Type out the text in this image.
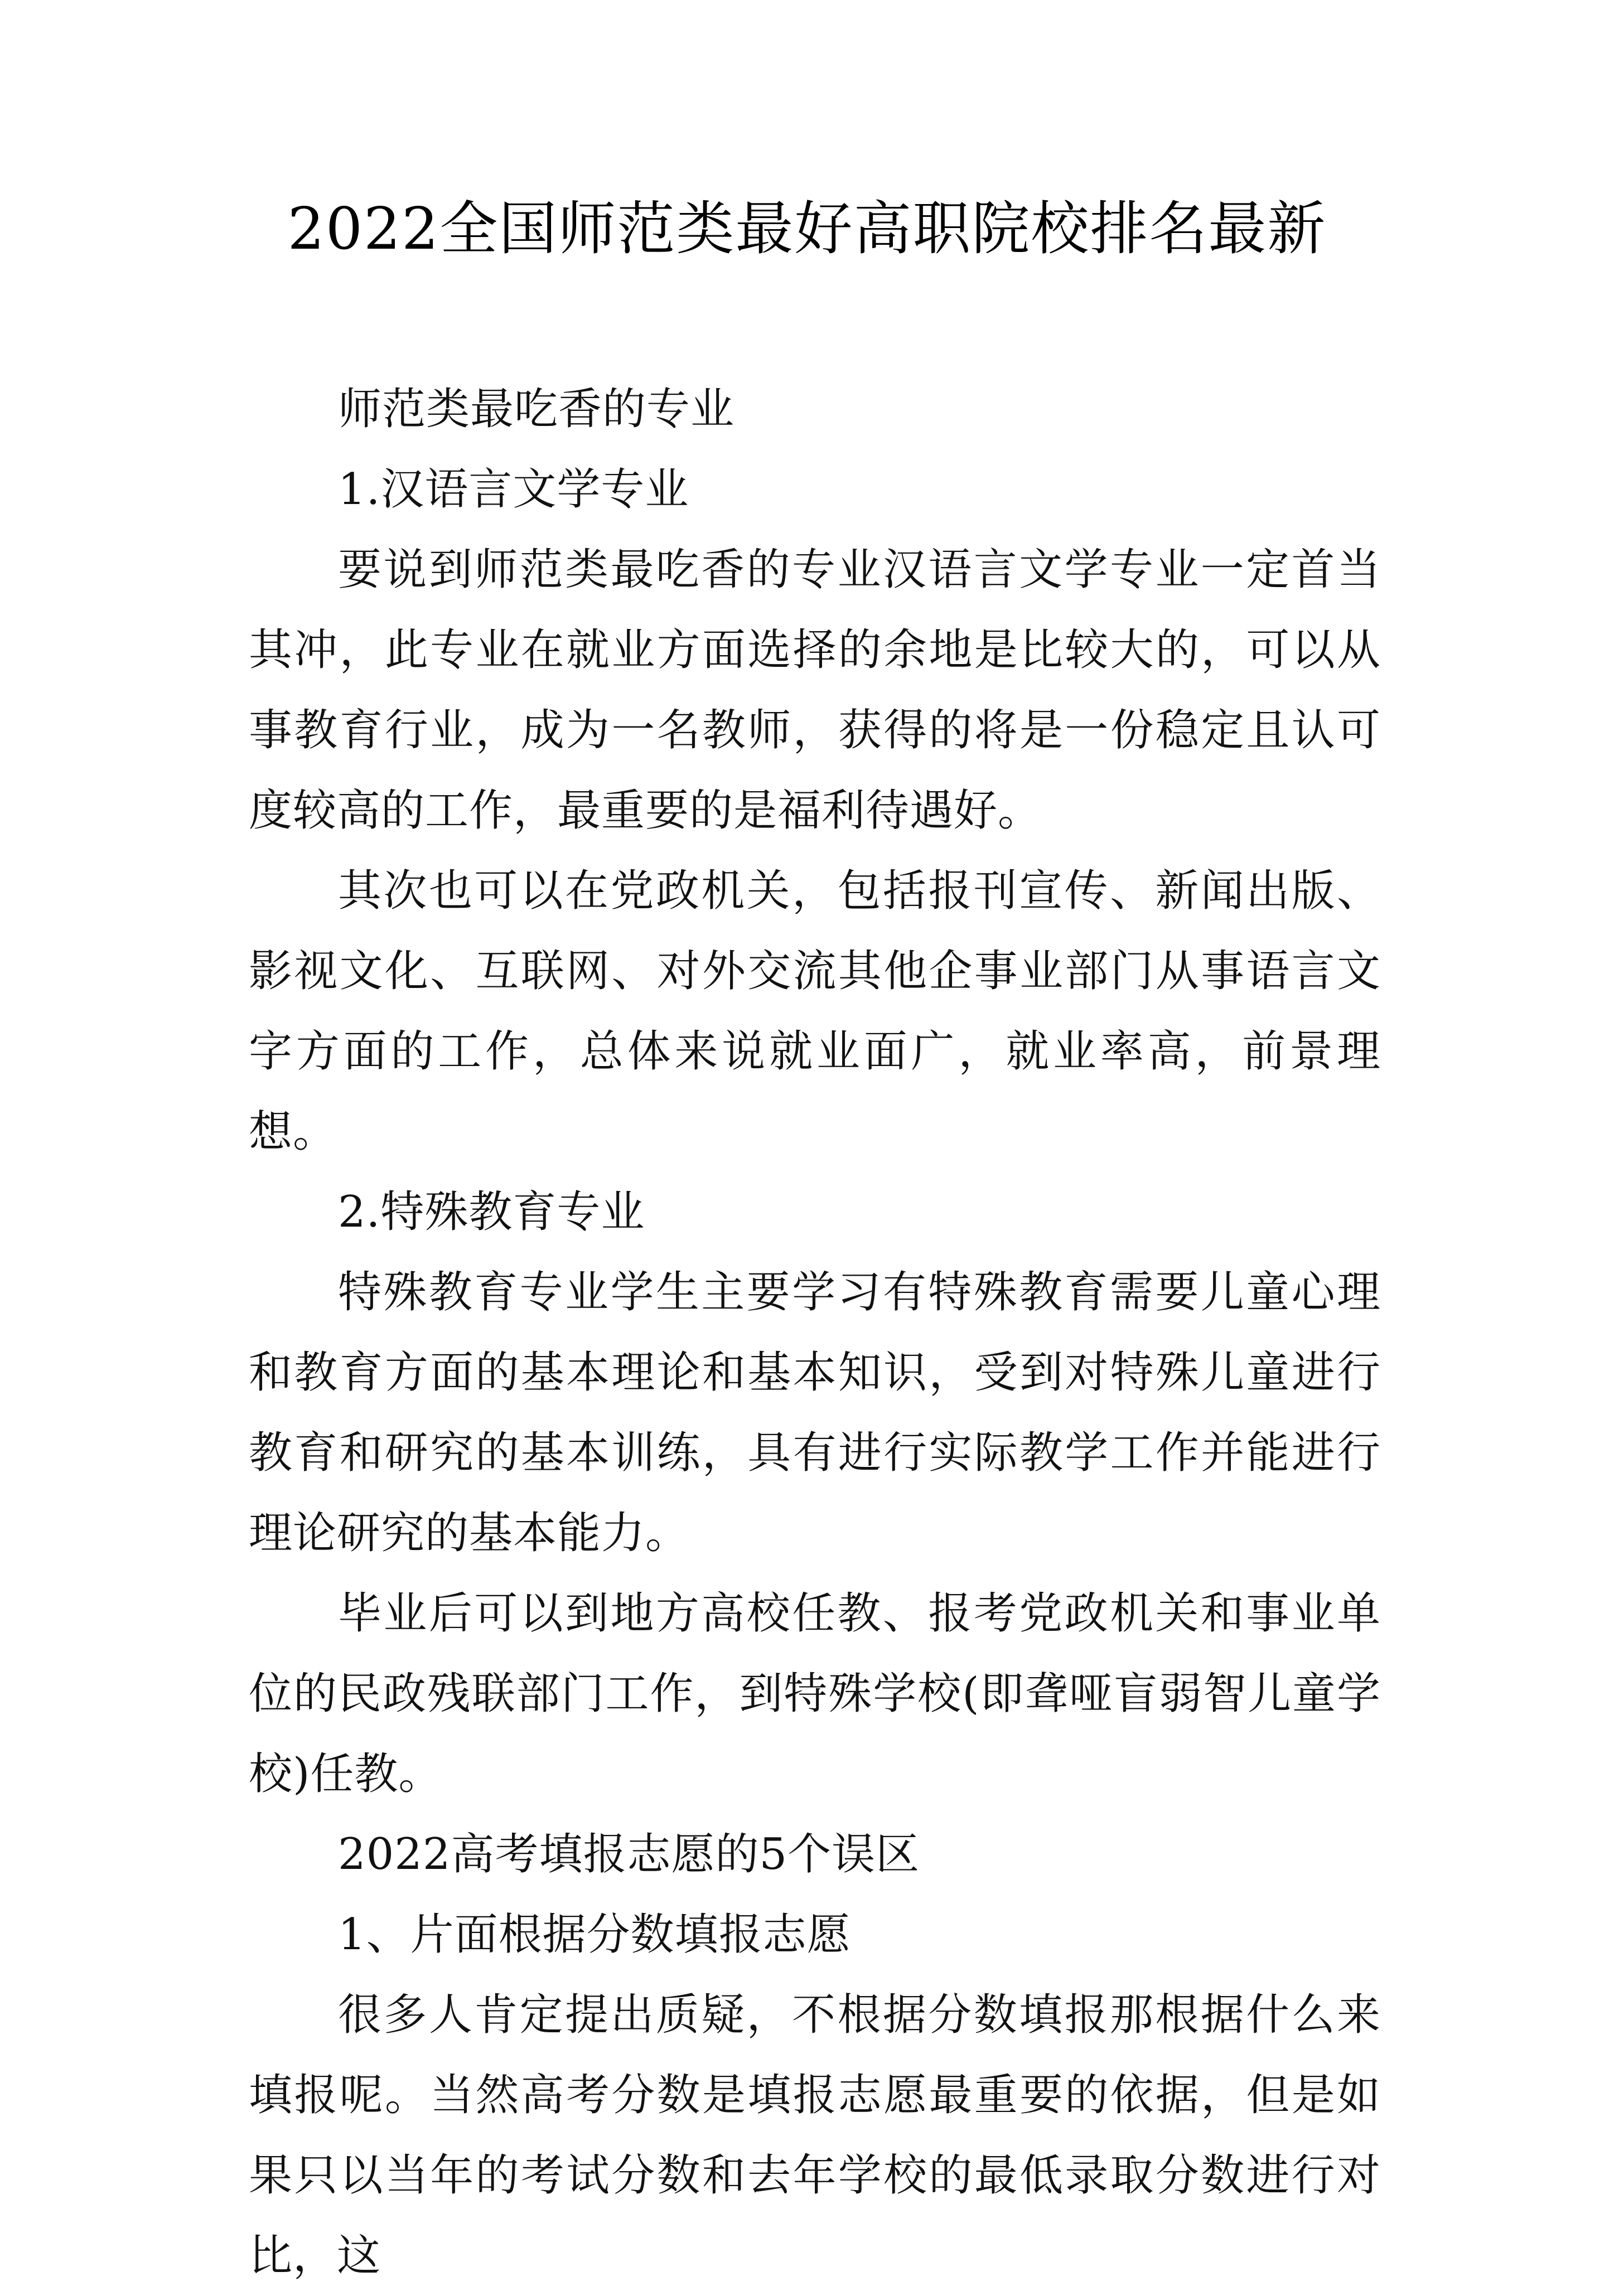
2022全国师范类最好高职院校排名最新

师范类最吃香的专业

1.汉语言文学专业

要说到师范类最吃香的专业汉语言文学专业一定首当其冲，此专业在就业方面选择的余地是比较大的，可以从事教育行业，成为一名教师，获得的将是一份稳定且认可度较高的工作，最重要的是福利待遇好。

其次也可以在党政机关，包括报刊宣传、新闻出版、影视文化、互联网、对外交流其他企事业部门从事语言文字方面的工作，总体来说就业面广，就业率高，前景理想。

2.特殊教育专业

特殊教育专业学生主要学习有特殊教育需要儿童心理和教育方面的基本理论和基本知识，受到对特殊儿童进行教育和研究的基本训练，具有进行实际教学工作并能进行理论研究的基本能力。

毕业后可以到地方高校任教、报考党政机关和事业单位的民政残联部门工作，到特殊学校(即聋哑盲弱智儿童学校)任教。

2022高考填报志愿的5个误区

1、片面根据分数填报志愿

很多人肯定提出质疑，不根据分数填报那根据什么来填报呢。当然高考分数是填报志愿最重要的依据，但是如果只以当年的考试分数和去年学校的最低录取分数进行对比，这
